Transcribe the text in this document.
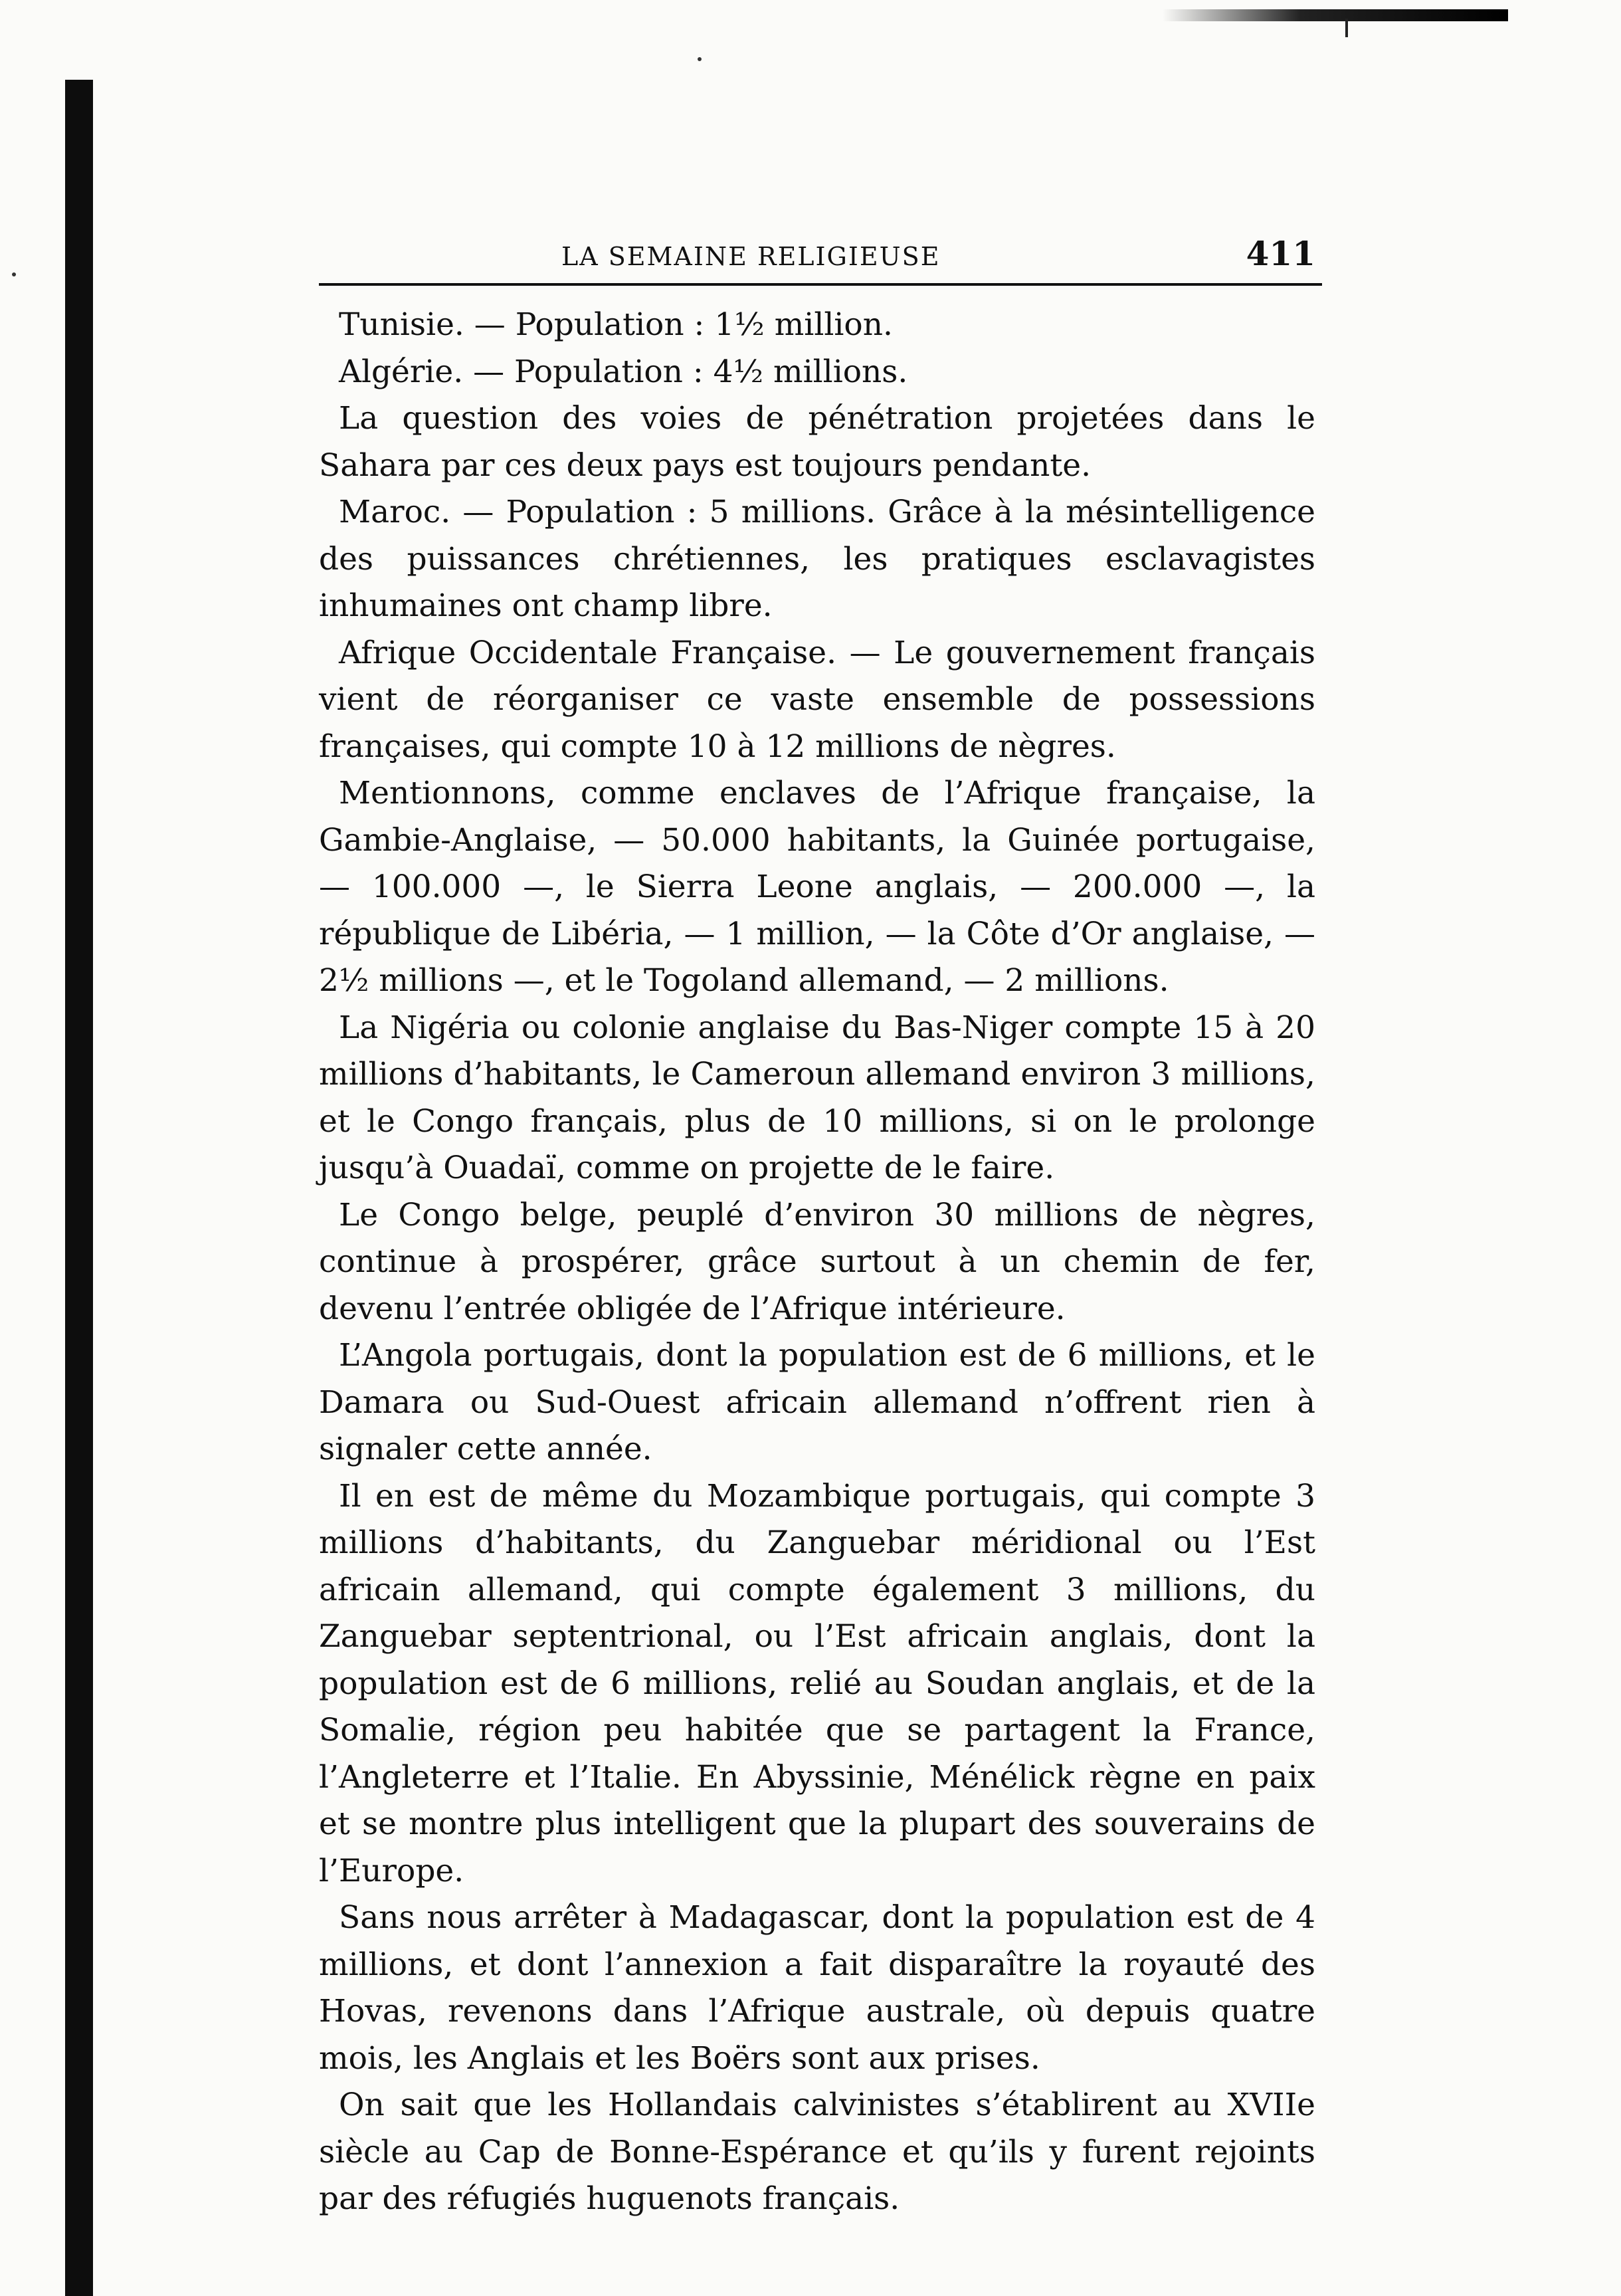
LA SEMAINE RELIGIEUSE	411

Tunisie. — Population : 1½ million.

Algérie. — Population : 4½ millions.

La question des voies de pénétration projetées dans le Sahara par ces deux pays est toujours pendante.

Maroc. — Population : 5 millions. Grâce à la mésintelligence des puissances chrétiennes, les pratiques esclavagistes inhumaines ont champ libre.

Afrique Occidentale Française. — Le gouvernement français vient de réorganiser ce vaste ensemble de possessions françaises, qui compte 10 à 12 millions de nègres.

Mentionnons, comme enclaves de l’Afrique française, la Gambie-Anglaise, — 50.000 habitants, la Guinée portugaise, — 100.000 —, le Sierra Leone anglais, — 200.000 —, la république de Libéria, — 1 million, — la Côte d’Or anglaise, — 2½ millions —, et le Togoland allemand, — 2 millions.

La Nigéria ou colonie anglaise du Bas-Niger compte 15 à 20 millions d’habitants, le Cameroun allemand environ 3 millions, et le Congo français, plus de 10 millions, si on le prolonge jusqu’à Ouadaï, comme on projette de le faire.

Le Congo belge, peuplé d’environ 30 millions de nègres, continue à prospérer, grâce surtout à un chemin de fer, devenu l’entrée obligée de l’Afrique intérieure.

L’Angola portugais, dont la population est de 6 millions, et le Damara ou Sud-Ouest africain allemand n’offrent rien à signaler cette année.

Il en est de même du Mozambique portugais, qui compte 3 millions d’habitants, du Zanguebar méridional ou l’Est africain allemand, qui compte également 3 millions, du Zanguebar septentrional, ou l’Est africain anglais, dont la population est de 6 millions, relié au Soudan anglais, et de la Somalie, région peu habitée que se partagent la France, l’Angleterre et l’Italie. En Abyssinie, Ménélick règne en paix et se montre plus intelligent que la plupart des souverains de l’Europe.

Sans nous arrêter à Madagascar, dont la population est de 4 millions, et dont l’annexion a fait disparaître la royauté des Hovas, revenons dans l’Afrique australe, où depuis quatre mois, les Anglais et les Boërs sont aux prises.

On sait que les Hollandais calvinistes s’établirent au XVIIe siècle au Cap de Bonne-Espérance et qu’ils y furent rejoints par des réfugiés huguenots français.
